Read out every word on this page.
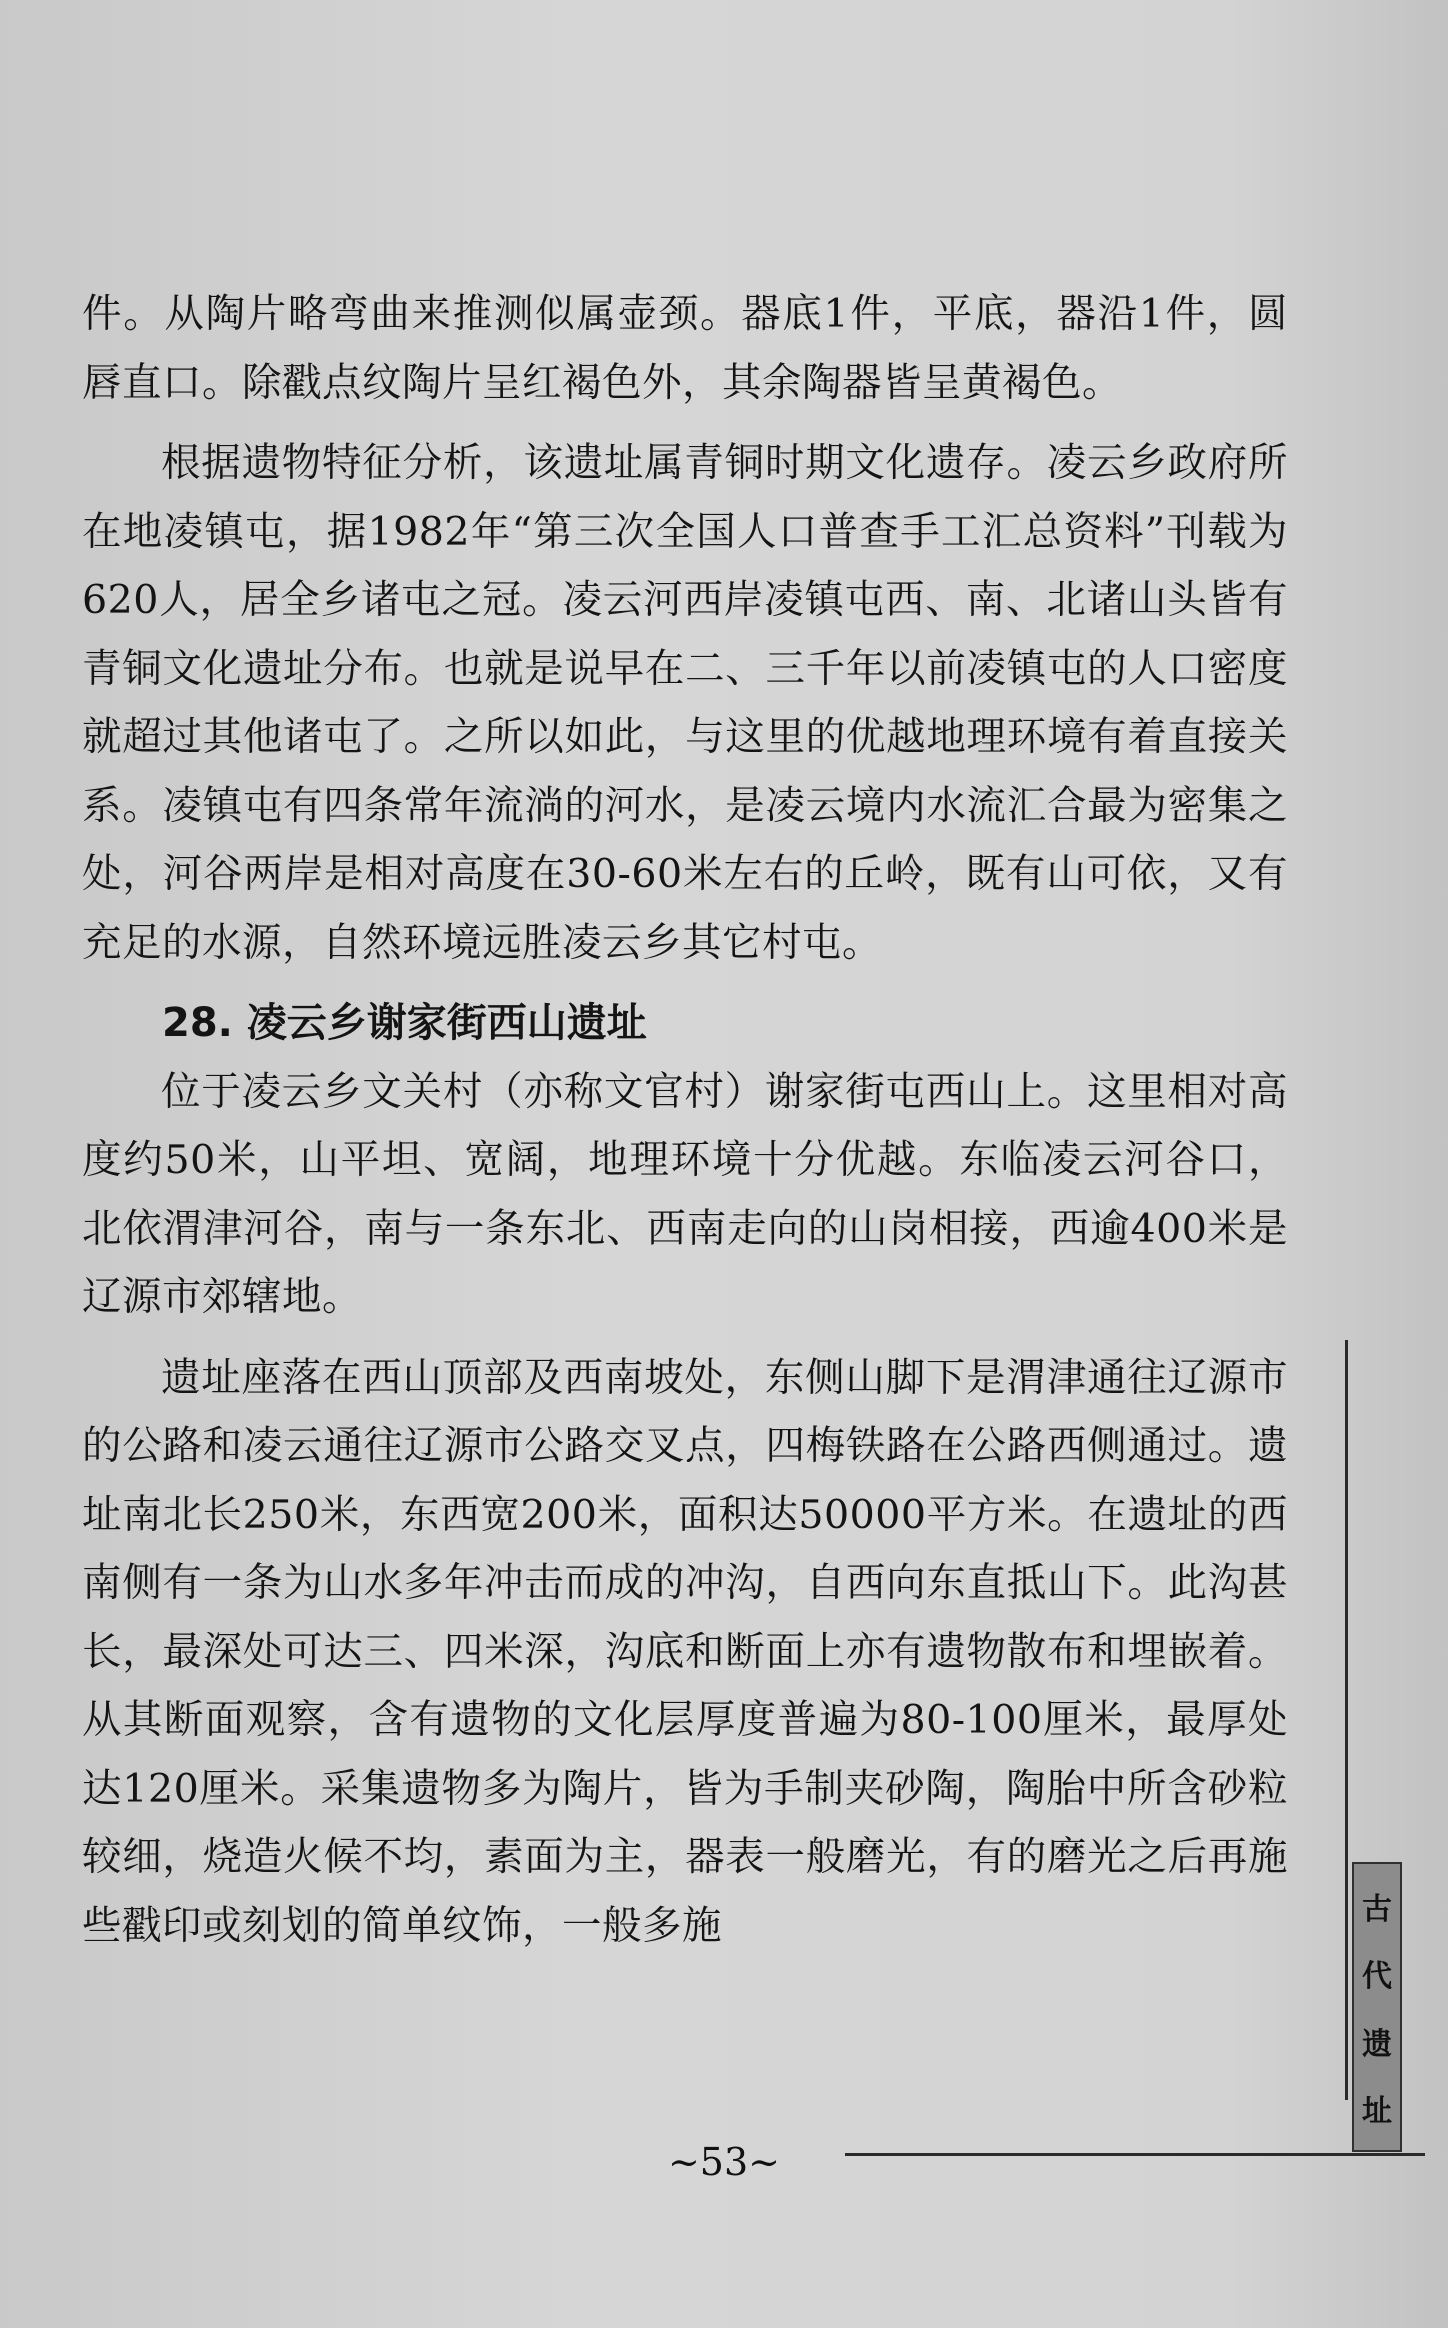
件。从陶片略弯曲来推测似属壶颈。器底1件，平底，器沿1件，圆唇直口。除戳点纹陶片呈红褐色外，其余陶器皆呈黄褐色。

根据遗物特征分析，该遗址属青铜时期文化遗存。凌云乡政府所在地凌镇屯，据1982年“第三次全国人口普查手工汇总资料”刊载为620人，居全乡诸屯之冠。凌云河西岸凌镇屯西、南、北诸山头皆有青铜文化遗址分布。也就是说早在二、三千年以前凌镇屯的人口密度就超过其他诸屯了。之所以如此，与这里的优越地理环境有着直接关系。凌镇屯有四条常年流淌的河水，是凌云境内水流汇合最为密集之处，河谷两岸是相对高度在30-60米左右的丘岭，既有山可依，又有充足的水源，自然环境远胜凌云乡其它村屯。

28. 凌云乡谢家街西山遗址

位于凌云乡文关村（亦称文官村）谢家街屯西山上。这里相对高度约50米，山平坦、宽阔，地理环境十分优越。东临凌云河谷口，北依渭津河谷，南与一条东北、西南走向的山岗相接，西逾400米是辽源市郊辖地。

遗址座落在西山顶部及西南坡处，东侧山脚下是渭津通往辽源市的公路和凌云通往辽源市公路交叉点，四梅铁路在公路西侧通过。遗址南北长250米，东西宽200米，面积达50000平方米。在遗址的西南侧有一条为山水多年冲击而成的冲沟，自西向东直抵山下。此沟甚长，最深处可达三、四米深，沟底和断面上亦有遗物散布和埋嵌着。从其断面观察，含有遗物的文化层厚度普遍为80-100厘米，最厚处达120厘米。采集遗物多为陶片，皆为手制夹砂陶，陶胎中所含砂粒较细，烧造火候不均，素面为主，器表一般磨光，有的磨光之后再施些戳印或刻划的简单纹饰，一般多施	古
代
遗
址
~53~
